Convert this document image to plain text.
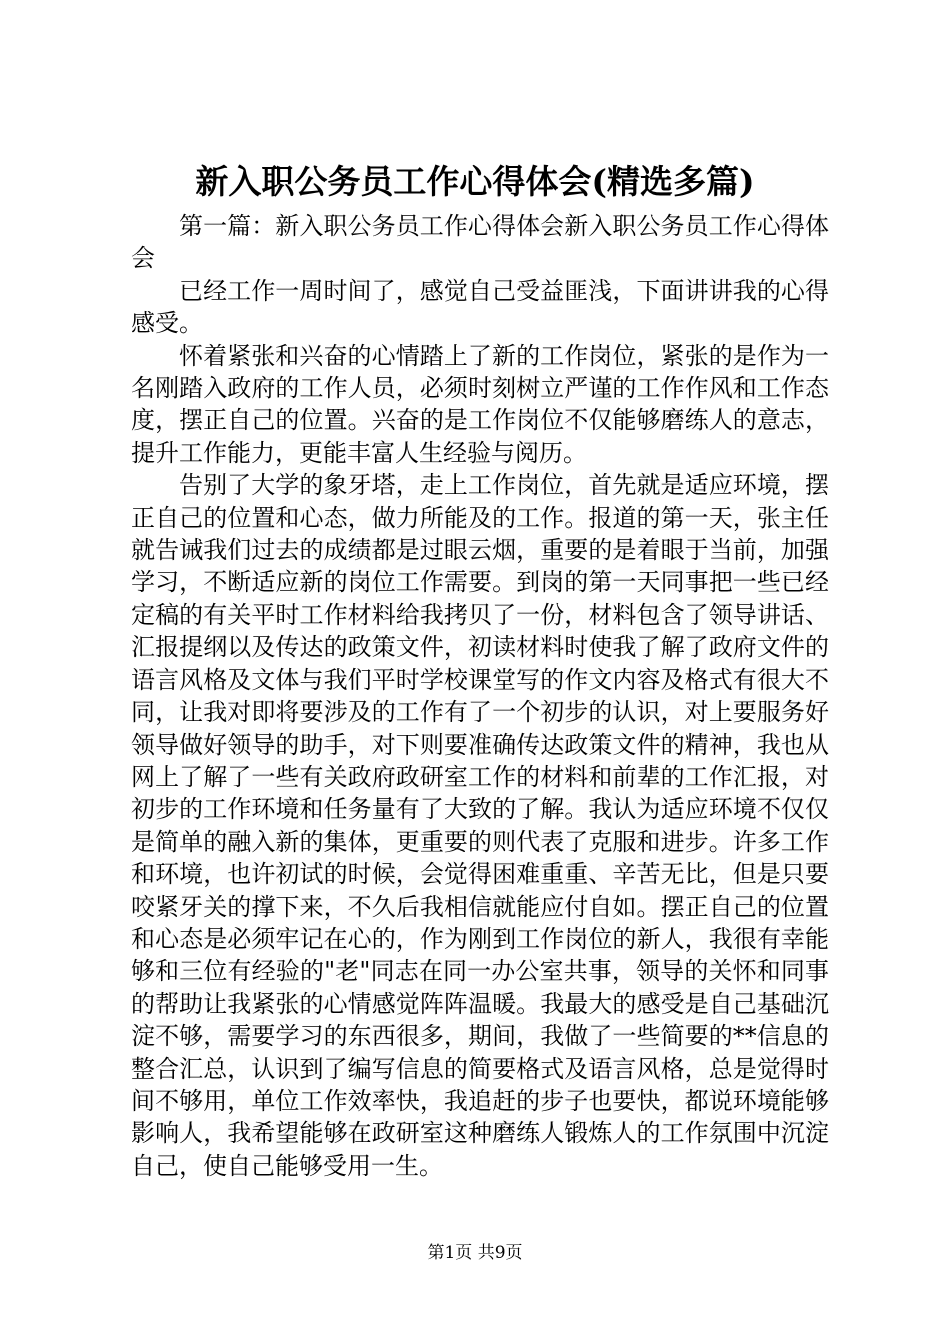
新入职公务员工作心得体会(精选多篇)

第一篇：新入职公务员工作心得体会新入职公务员工作心得体会

已经工作一周时间了，感觉自己受益匪浅，下面讲讲我的心得感受。

怀着紧张和兴奋的心情踏上了新的工作岗位，紧张的是作为一名刚踏入政府的工作人员，必须时刻树立严谨的工作作风和工作态度，摆正自己的位置。兴奋的是工作岗位不仅能够磨练人的意志，提升工作能力，更能丰富人生经验与阅历。

告别了大学的象牙塔，走上工作岗位，首先就是适应环境，摆正自己的位置和心态，做力所能及的工作。报道的第一天，张主任就告诫我们过去的成绩都是过眼云烟，重要的是着眼于当前，加强学习，不断适应新的岗位工作需要。到岗的第一天同事把一些已经定稿的有关平时工作材料给我拷贝了一份，材料包含了领导讲话、汇报提纲以及传达的政策文件，初读材料时使我了解了政府文件的语言风格及文体与我们平时学校课堂写的作文内容及格式有很大不同，让我对即将要涉及的工作有了一个初步的认识，对上要服务好领导做好领导的助手，对下则要准确传达政策文件的精神，我也从网上了解了一些有关政府政研室工作的材料和前辈的工作汇报，对初步的工作环境和任务量有了大致的了解。我认为适应环境不仅仅是简单的融入新的集体，更重要的则代表了克服和进步。许多工作和环境，也许初试的时候，会觉得困难重重、辛苦无比，但是只要咬紧牙关的撑下来，不久后我相信就能应付自如。摆正自己的位置和心态是必须牢记在心的，作为刚到工作岗位的新人，我很有幸能够和三位有经验的"老"同志在同一办公室共事，领导的关怀和同事的帮助让我紧张的心情感觉阵阵温暖。我最大的感受是自己基础沉淀不够，需要学习的东西很多，期间，我做了一些简要的**信息的整合汇总，认识到了编写信息的简要格式及语言风格，总是觉得时间不够用，单位工作效率快，我追赶的步子也要快，都说环境能够影响人，我希望能够在政研室这种磨练人锻炼人的工作氛围中沉淀自己，使自己能够受用一生。

第1页 共9页
